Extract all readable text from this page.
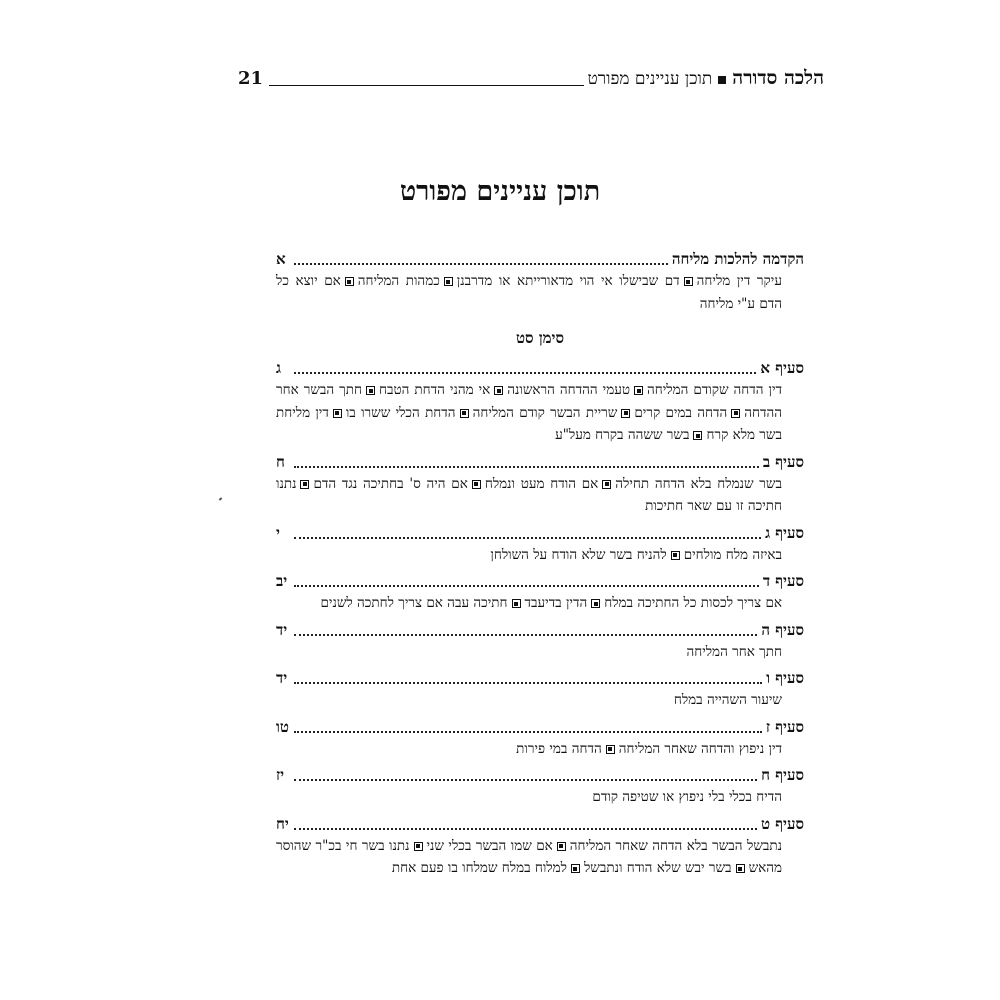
הלכה סדורה
תוכן עניינים מפורט
21
תוכן עניינים מפורט
הקדמה להלכות מליחה
א
עיקר דין מליחהדם שבישלו אי הוי מדאורייתא או מדרבנןכמהות המליחהאם יוצא כל הדם ע"י מליחה
סימן סט
סעיף א
ג
דין הדחה שקודם המליחהטעמי ההדחה הראשונהאי מהני הדחת הטבחחתך הבשר אחר ההדחההדחה במים קריםשריית הבשר קודם המליחההדחת הכלי ששרו בודין מליחת בשר מלא קרחבשר ששהה בקרח מעל"ע
סעיף ב
ח
בשר שנמלח בלא הדחה תחילהאם הודח מעט ונמלחאם היה ס' בחתיכה נגד הדםנתנו חתיכה זו עם שאר חתיכות
סעיף ג
י
באיזה מלח מולחיםלהניח בשר שלא הודח על השולחן
סעיף ד
יב
אם צריך לכסות כל החתיכה במלחהדין בדיעבדחתיכה עבה אם צריך לחתכה לשנים
סעיף ה
יד
חתך אחר המליחה
סעיף ו
יד
שיעור השהייה במלח
סעיף ז
טו
דין ניפוץ והדחה שאחר המליחההדחה במי פירות
סעיף ח
יז
הדיח בכלי בלי ניפוץ או שטיפה קודם
סעיף ט
יח
נתבשל הבשר בלא הדחה שאחר המליחהאם שמו הבשר בכלי שנינתנו בשר חי בכ"ר שהוסר מהאשבשר יבש שלא הודח ונתבשללמלוח במלח שמלחו בו פעם אחת
